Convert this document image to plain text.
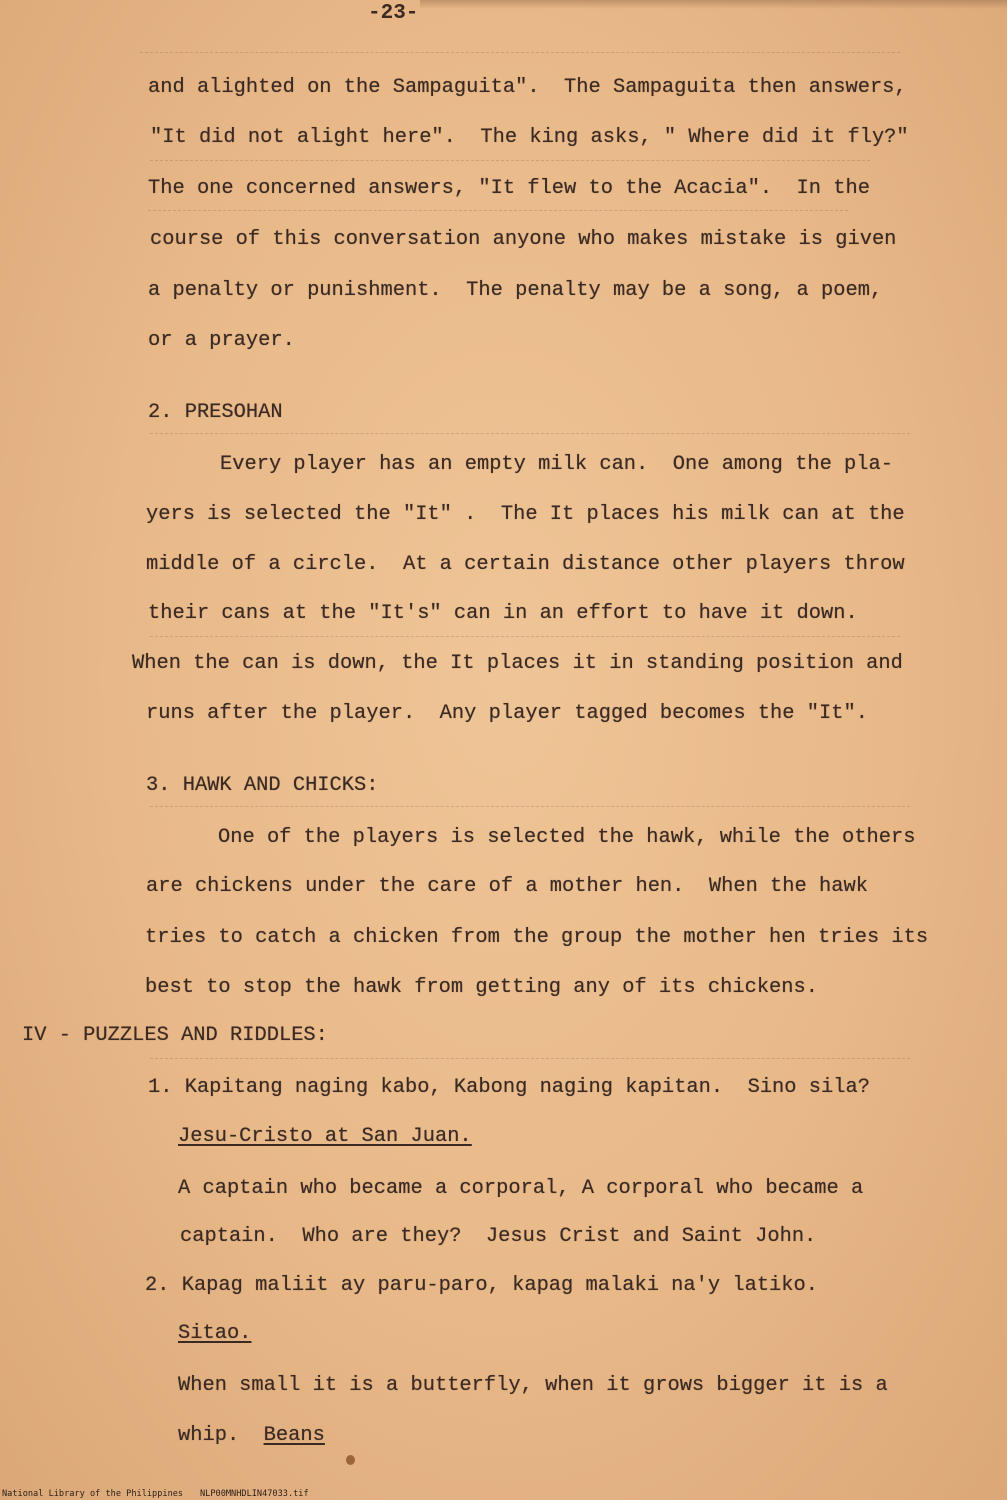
-23-
and alighted on the Sampaguita".  The Sampaguita then answers,
"It did not alight here".  The king asks, " Where did it fly?"
The one concerned answers, "It flew to the Acacia".  In the
course of this conversation anyone who makes mistake is given
a penalty or punishment.  The penalty may be a song, a poem,
or a prayer.
2. PRESOHAN
Every player has an empty milk can.  One among the pla-
yers is selected the "It" .  The It places his milk can at the
middle of a circle.  At a certain distance other players throw
their cans at the "It's" can in an effort to have it down.
When the can is down, the It places it in standing position and
runs after the player.  Any player tagged becomes the "It".
3. HAWK AND CHICKS:
One of the players is selected the hawk, while the others
are chickens under the care of a mother hen.  When the hawk
tries to catch a chicken from the group the mother hen tries its
best to stop the hawk from getting any of its chickens.
IV - PUZZLES AND RIDDLES:
1. Kapitang naging kabo, Kabong naging kapitan.  Sino sila?
Jesu-Cristo at San Juan.
A captain who became a corporal, A corporal who became a
captain.  Who are they?  Jesus Crist and Saint John.
2. Kapag maliit ay paru-paro, kapag malaki na'y latiko.
Sitao.
When small it is a butterfly, when it grows bigger it is a
whip. Beans
National Library of the Philippines NLP00MNHDLIN47033.tif
